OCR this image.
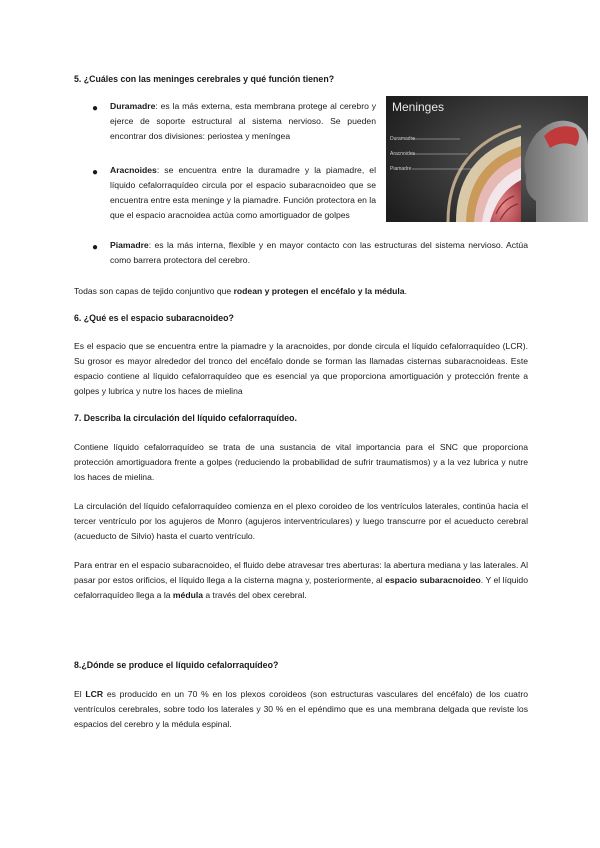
5. ¿Cuáles con las meninges cerebrales y qué función tienen?

● Duramadre: es la más externa, esta membrana protege al cerebro y ejerce de soporte estructural al sistema nervioso. Se pueden encontrar dos divisiones: periostea y meníngea

● Aracnoides: se encuentra entre la duramadre y la piamadre, el líquido cefalorraquídeo circula por el espacio subaracnoideo que se encuentra entre esta meninge y la piamadre. Función protectora en la que el espacio aracnoidea actúa como amortiguador de golpes

● Piamadre: es la más interna, flexible y en mayor contacto con las estructuras del sistema nervioso. Actúa como barrera protectora del cerebro.

Meninges
Duramadre
Aracnoides
Piamadre

Todas son capas de tejido conjuntivo que rodean y protegen el encéfalo y la médula.

6. ¿Qué es el espacio subaracnoideo?

Es el espacio que se encuentra entre la piamadre y la aracnoides, por donde circula el líquido cefalorraquídeo (LCR). Su grosor es mayor alrededor del tronco del encéfalo donde se forman las llamadas cisternas subaracnoideas. Este espacio contiene al líquido cefalorraquídeo que es esencial ya que proporciona amortiguación y protección frente a golpes y lubrica y nutre los haces de mielina

7. Describa la circulación del líquido cefalorraquídeo.

Contiene líquido cefalorraquídeo se trata de una sustancia de vital importancia para el SNC que proporciona protección amortiguadora frente a golpes (reduciendo la probabilidad de sufrir traumatismos) y a la vez lubrica y nutre los haces de mielina.

La circulación del líquido cefalorraquídeo comienza en el plexo coroideo de los ventrículos laterales, continúa hacia el tercer ventrículo por los agujeros de Monro (agujeros interventriculares) y luego transcurre por el acueducto cerebral (acueducto de Silvio) hasta el cuarto ventrículo.

Para entrar en el espacio subaracnoideo, el fluido debe atravesar tres aberturas: la abertura mediana y las laterales. Al pasar por estos orificios, el líquido llega a la cisterna magna y, posteriormente, al espacio subaracnoideo. Y el líquido cefalorraquídeo llega a la médula a través del obex cerebral.

8.¿Dónde se produce el líquido cefalorraquídeo?

El LCR es producido en un 70 % en los plexos coroideos (son estructuras vasculares del encéfalo) de los cuatro ventrículos cerebrales, sobre todo los laterales y 30 % en el epéndimo que es una membrana delgada que reviste los espacios del cerebro y la médula espinal.
